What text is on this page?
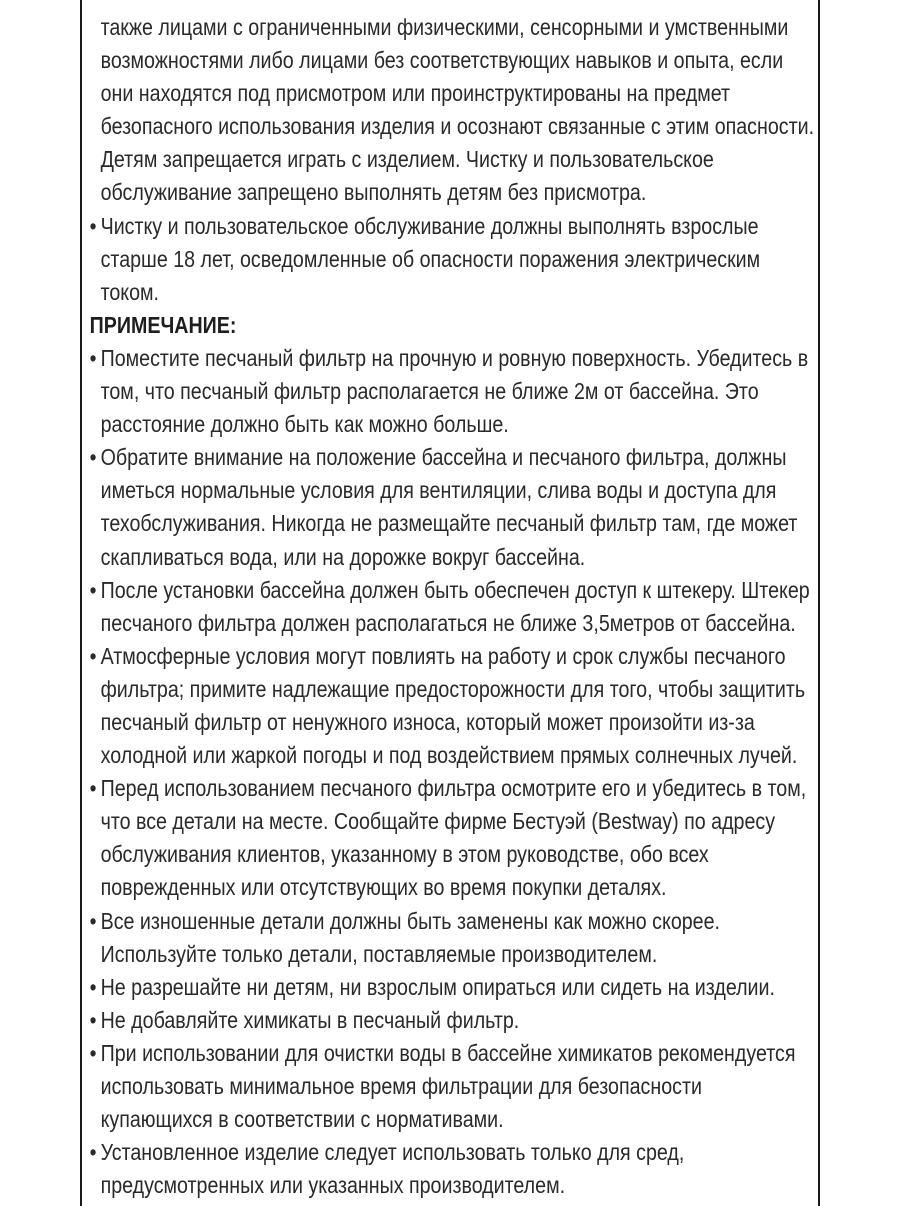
также лицами с ограниченными физическими, сенсорными и умственными возможностями либо лицами без соответствующих навыков и опыта, если они находятся под присмотром или проинструктированы на предмет безопасного использования изделия и осознают связанные с этим опасности. Детям запрещается играть с изделием. Чистку и пользовательское обслуживание запрещено выполнять детям без присмотра.

• Чистку и пользовательское обслуживание должны выполнять взрослые старше 18 лет, осведомленные об опасности поражения электрическим током.

ПРИМЕЧАНИЕ:

• Поместите песчаный фильтр на прочную и ровную поверхность. Убедитесь в том, что песчаный фильтр располагается не ближе 2м от бассейна. Это расстояние должно быть как можно больше.
• Обратите внимание на положение бассейна и песчаного фильтра, должны иметься нормальные условия для вентиляции, слива воды и доступа для техобслуживания. Никогда не размещайте песчаный фильтр там, где может скапливаться вода, или на дорожке вокруг бассейна.
• После установки бассейна должен быть обеспечен доступ к штекеру. Штекер песчаного фильтра должен располагаться не ближе 3,5метров от бассейна.
• Атмосферные условия могут повлиять на работу и срок службы песчаного фильтра; примите надлежащие предосторожности для того, чтобы защитить песчаный фильтр от ненужного износа, который может произойти из-за холодной или жаркой погоды и под воздействием прямых солнечных лучей.
• Перед использованием песчаного фильтра осмотрите его и убедитесь в том, что все детали на месте. Сообщайте фирме Бестуэй (Bestway) по адресу обслуживания клиентов, указанному в этом руководстве, обо всех поврежденных или отсутствующих во время покупки деталях.
• Все изношенные детали должны быть заменены как можно скорее. Используйте только детали, поставляемые производителем.
• Не разрешайте ни детям, ни взрослым опираться или сидеть на изделии.
• Не добавляйте химикаты в песчаный фильтр.
• При использовании для очистки воды в бассейне химикатов рекомендуется использовать минимальное время фильтрации для безопасности купающихся в соответствии с нормативами.
• Установленное изделие следует использовать только для сред, предусмотренных или указанных производителем.
